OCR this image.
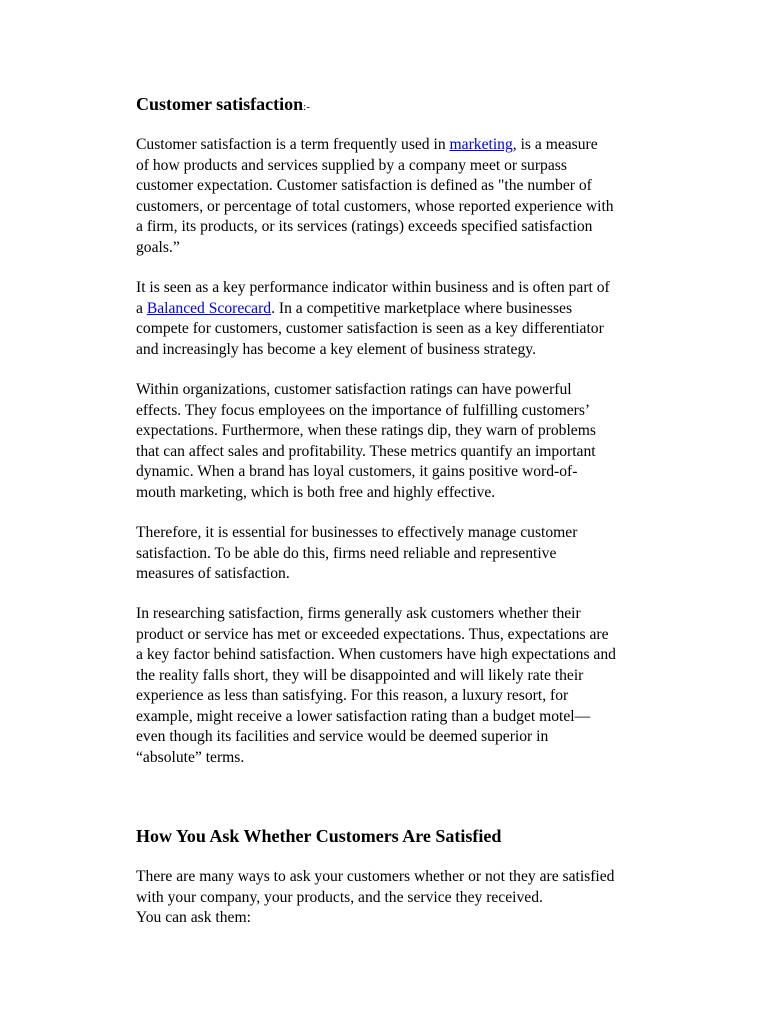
Customer satisfaction:-

Customer satisfaction is a term frequently used in marketing, is a measure
of how products and services supplied by a company meet or surpass
customer expectation. Customer satisfaction is defined as "the number of
customers, or percentage of total customers, whose reported experience with
a firm, its products, or its services (ratings) exceeds specified satisfaction
goals.”

It is seen as a key performance indicator within business and is often part of
a Balanced Scorecard. In a competitive marketplace where businesses
compete for customers, customer satisfaction is seen as a key differentiator
and increasingly has become a key element of business strategy.

Within organizations, customer satisfaction ratings can have powerful
effects. They focus employees on the importance of fulfilling customers’
expectations. Furthermore, when these ratings dip, they warn of problems
that can affect sales and profitability. These metrics quantify an important
dynamic. When a brand has loyal customers, it gains positive word-of-
mouth marketing, which is both free and highly effective.

Therefore, it is essential for businesses to effectively manage customer
satisfaction. To be able do this, firms need reliable and representive
measures of satisfaction.

In researching satisfaction, firms generally ask customers whether their
product or service has met or exceeded expectations. Thus, expectations are
a key factor behind satisfaction. When customers have high expectations and
the reality falls short, they will be disappointed and will likely rate their
experience as less than satisfying. For this reason, a luxury resort, for
example, might receive a lower satisfaction rating than a budget motel—
even though its facilities and service would be deemed superior in
“absolute” terms.

How You Ask Whether Customers Are Satisfied

There are many ways to ask your customers whether or not they are satisfied
with your company, your products, and the service they received.
You can ask them:
